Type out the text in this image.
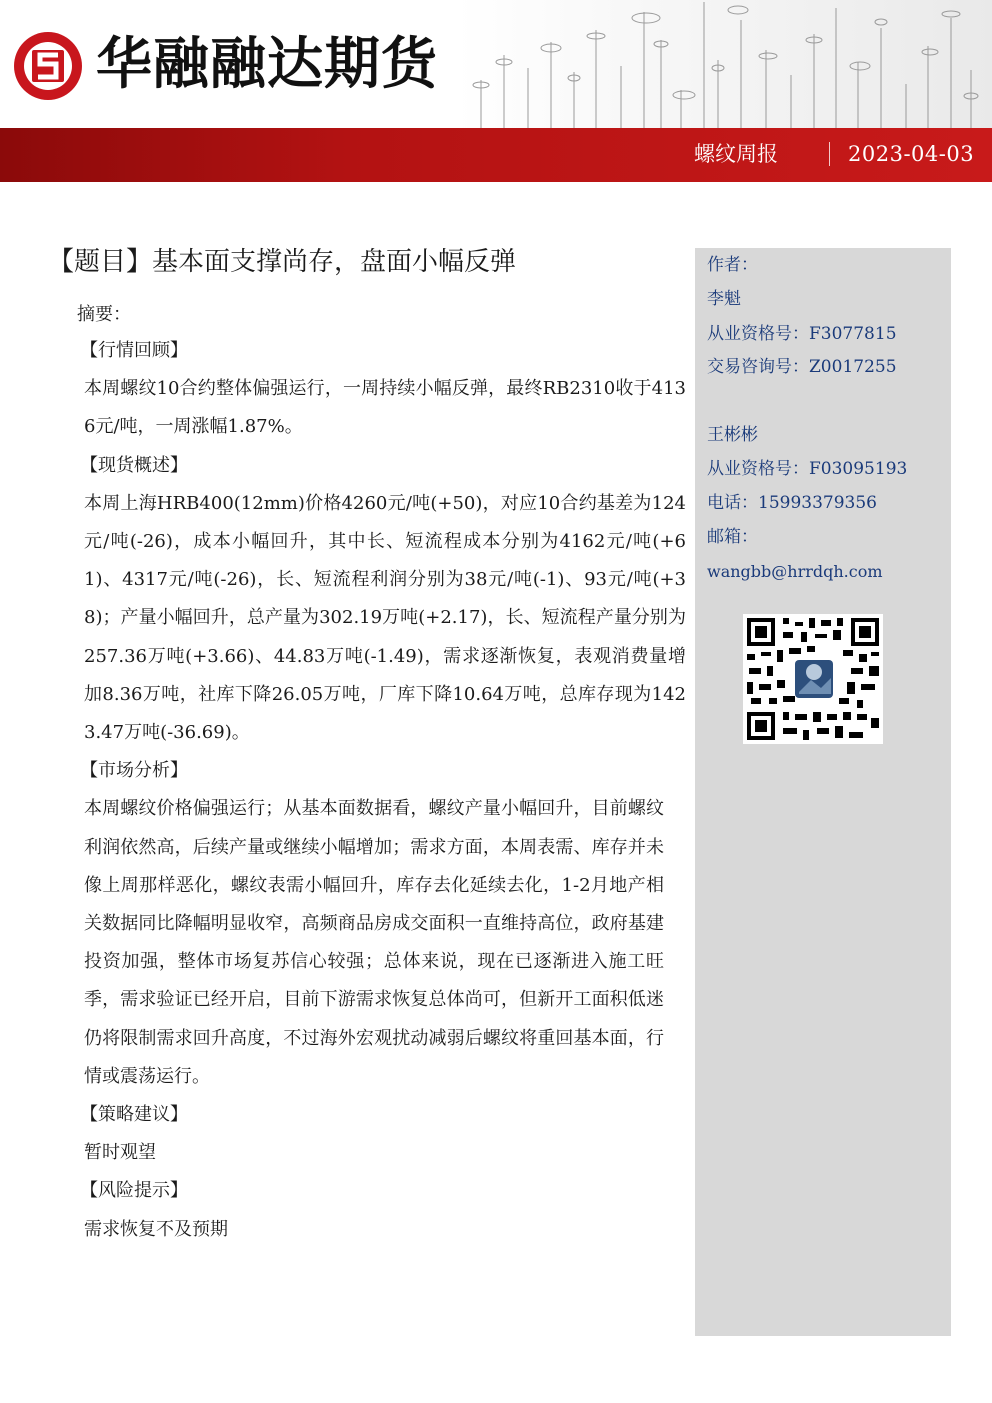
华融融达期货
螺纹周报	2023-04-03
【题目】基本面支撑尚存，盘面小幅反弹
摘要：
【行情回顾】

本周螺纹10合约整体偏强运行，一周持续小幅反弹，最终RB2310收于4136元/吨，一周涨幅1.87%。

【现货概述】

本周上海HRB400(12mm)价格4260元/吨(+50)，对应10合约基差为124元/吨(-26)，成本小幅回升，其中长、短流程成本分别为4162元/吨(+61)、4317元/吨(-26)，长、短流程利润分别为38元/吨(-1)、93元/吨(+38)；产量小幅回升，总产量为302.19万吨(+2.17)，长、短流程产量分别为257.36万吨(+3.66)、44.83万吨(-1.49)，需求逐渐恢复，表观消费量增加8.36万吨，社库下降26.05万吨，厂库下降10.64万吨，总库存现为1423.47万吨(-36.69)。

【市场分析】

本周螺纹价格偏强运行；从基本面数据看，螺纹产量小幅回升，目前螺纹利润依然高，后续产量或继续小幅增加；需求方面，本周表需、库存并未像上周那样恶化，螺纹表需小幅回升，库存去化延续去化，1-2月地产相关数据同比降幅明显收窄，高频商品房成交面积一直维持高位，政府基建投资加强，整体市场复苏信心较强；总体来说，现在已逐渐进入施工旺季，需求验证已经开启，目前下游需求恢复总体尚可，但新开工面积低迷仍将限制需求回升高度，不过海外宏观扰动减弱后螺纹将重回基本面，行情或震荡运行。

【策略建议】

暂时观望

【风险提示】

需求恢复不及预期

作者：
李魁
从业资格号：F3077815
交易咨询号：Z0017255
王彬彬
从业资格号：F03095193
电话：15993379356
邮箱：
wangbb@hrrdqh.com
